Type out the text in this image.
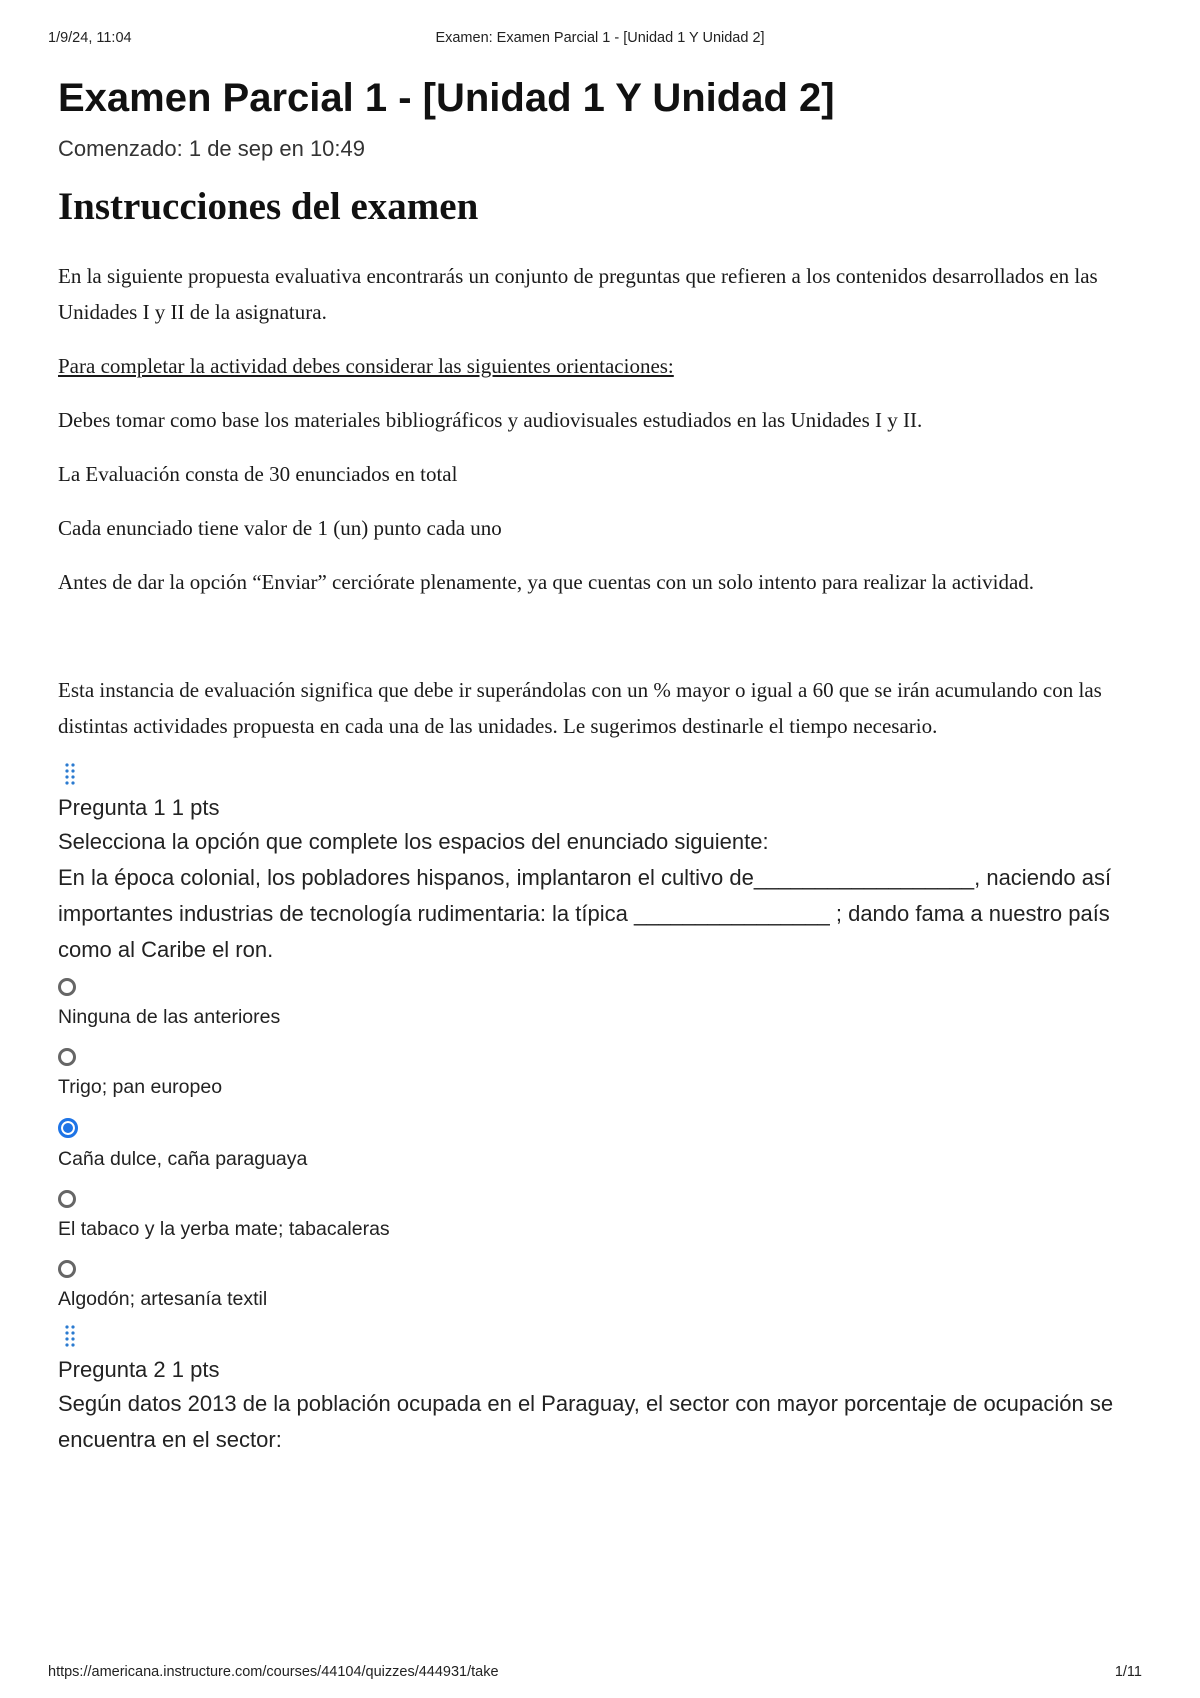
1/9/24, 11:04	Examen: Examen Parcial 1 - [Unidad 1 Y Unidad 2]
Examen Parcial 1 - [Unidad 1 Y Unidad 2]
Comenzado: 1 de sep en 10:49
Instrucciones del examen

En la siguiente propuesta evaluativa encontrarás un conjunto de preguntas que refieren a los contenidos desarrollados en las Unidades I y II de la asignatura.

Para completar la actividad debes considerar las siguientes orientaciones:

Debes tomar como base los materiales bibliográficos y audiovisuales estudiados en las Unidades I y II.

La Evaluación consta de 30 enunciados en total

Cada enunciado tiene valor de 1 (un) punto cada uno

Antes de dar la opción “Enviar” cerciórate plenamente, ya que cuentas con un solo intento para realizar la actividad.

Esta instancia de evaluación significa que debe ir superándolas con un % mayor o igual a 60 que se irán acumulando con las distintas actividades propuesta en cada una de las unidades. Le sugerimos destinarle el tiempo necesario.

Pregunta 1 1 pts
Selecciona la opción que complete los espacios del enunciado siguiente:
En la época colonial, los pobladores hispanos, implantaron el cultivo de__________________, naciendo así importantes industrias de tecnología rudimentaria: la típica ________________ ; dando fama a nuestro país como al Caribe el ron.
Ninguna de las anteriores
Trigo; pan europeo
Caña dulce, caña paraguaya
El tabaco y la yerba mate; tabacaleras
Algodón; artesanía textil
Pregunta 2 1 pts
Según datos 2013 de la población ocupada en el Paraguay, el sector con mayor porcentaje de ocupación se encuentra en el sector:
https://americana.instructure.com/courses/44104/quizzes/444931/take	1/11
